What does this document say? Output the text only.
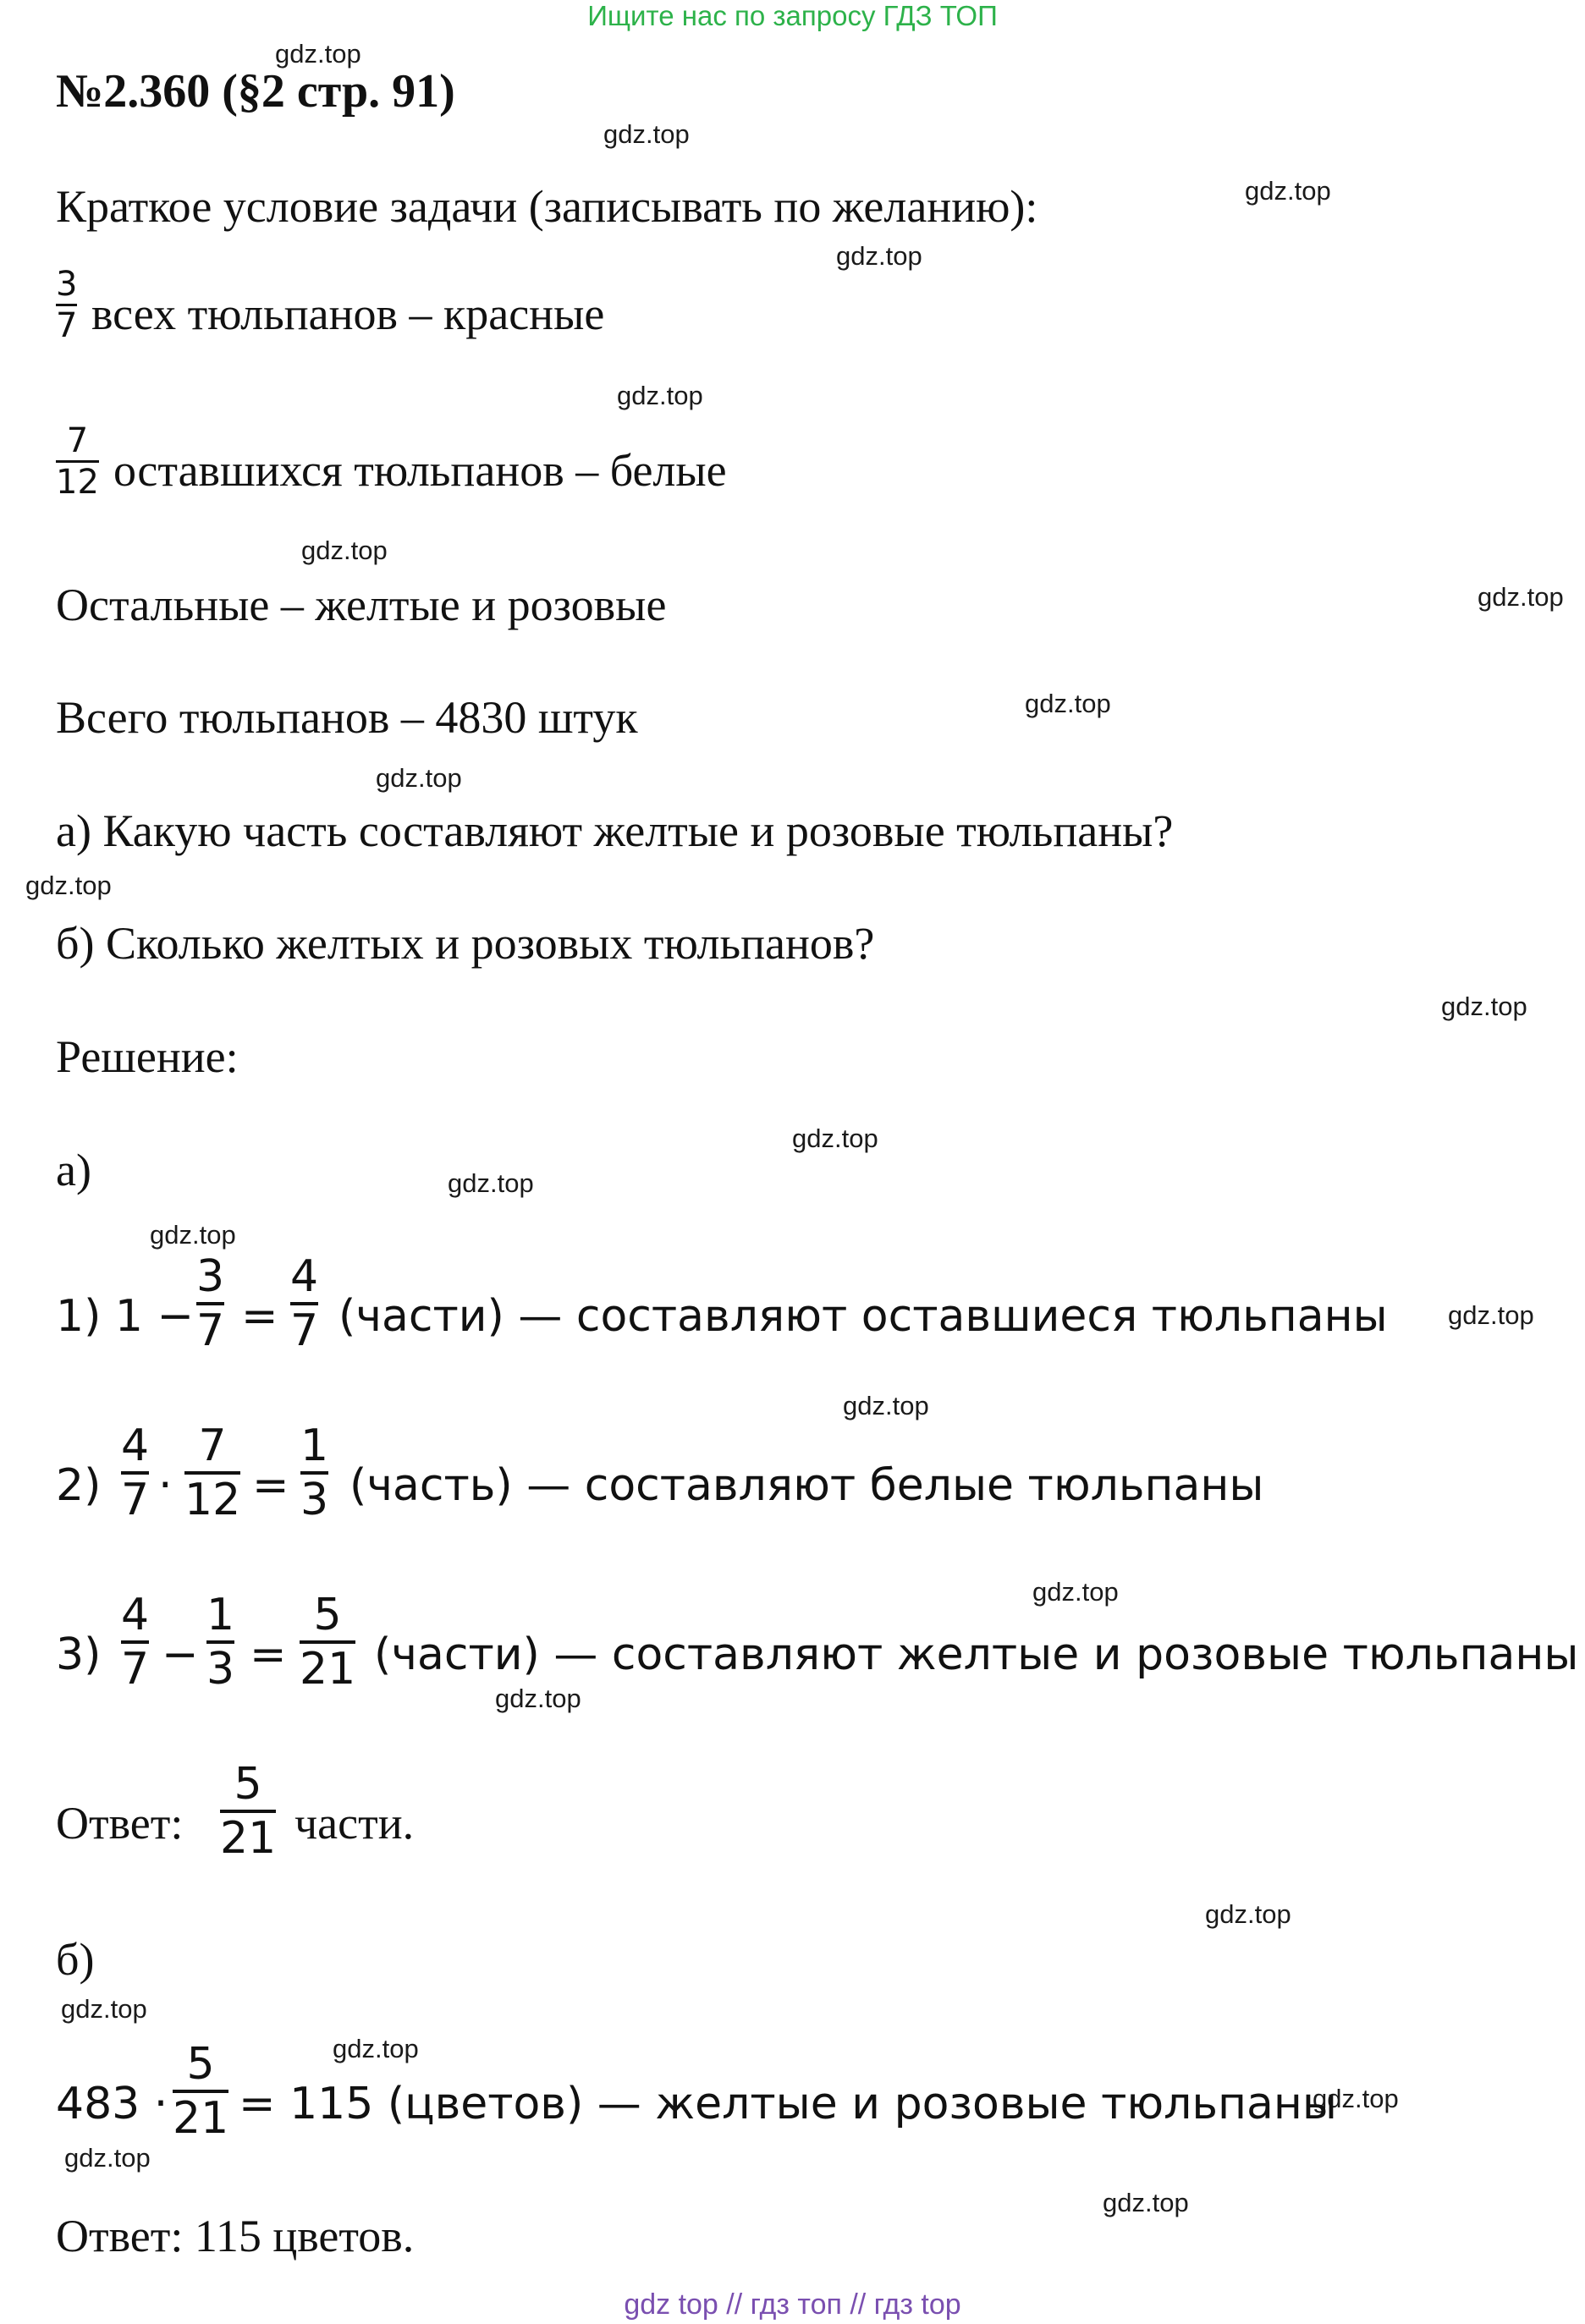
Ищите нас по запросу ГДЗ ТОП
gdz.top
gdz.top
gdz.top
gdz.top
gdz.top
gdz.top
gdz.top
gdz.top
gdz.top
gdz.top
gdz.top
gdz.top
gdz.top
gdz.top
gdz.top
gdz.top
gdz.top
gdz.top
gdz.top
gdz.top
gdz.top
gdz.top
gdz.top
gdz.top
№2.360 (§2 стр. 91)
Краткое условие задачи (записывать по желанию):
3
7 всех тюльпанов – красные
7
12 оставшихся тюльпанов – белые
Остальные – желтые и розовые
Всего тюльпанов – 4830 штук
а) Какую часть составляют желтые и розовые тюльпаны?
б) Сколько желтых и розовых тюльпанов?
Решение:
а)
1) 1 −
3
7 =
4
7 (части) — составляют оставшиеся тюльпаны
2)
4
7 ·
7
12 =
1
3 (часть) — составляют белые тюльпаны
3)
4
7 −
1
3 =
5
21 (части) — составляют желтые и розовые тюльпаны
Ответ:
5
21 части.
б)
483 ·
5
21 = 115 (цветов) — желтые и розовые тюльпаны
Ответ: 115 цветов.
gdz top // гдз топ // гдз top
